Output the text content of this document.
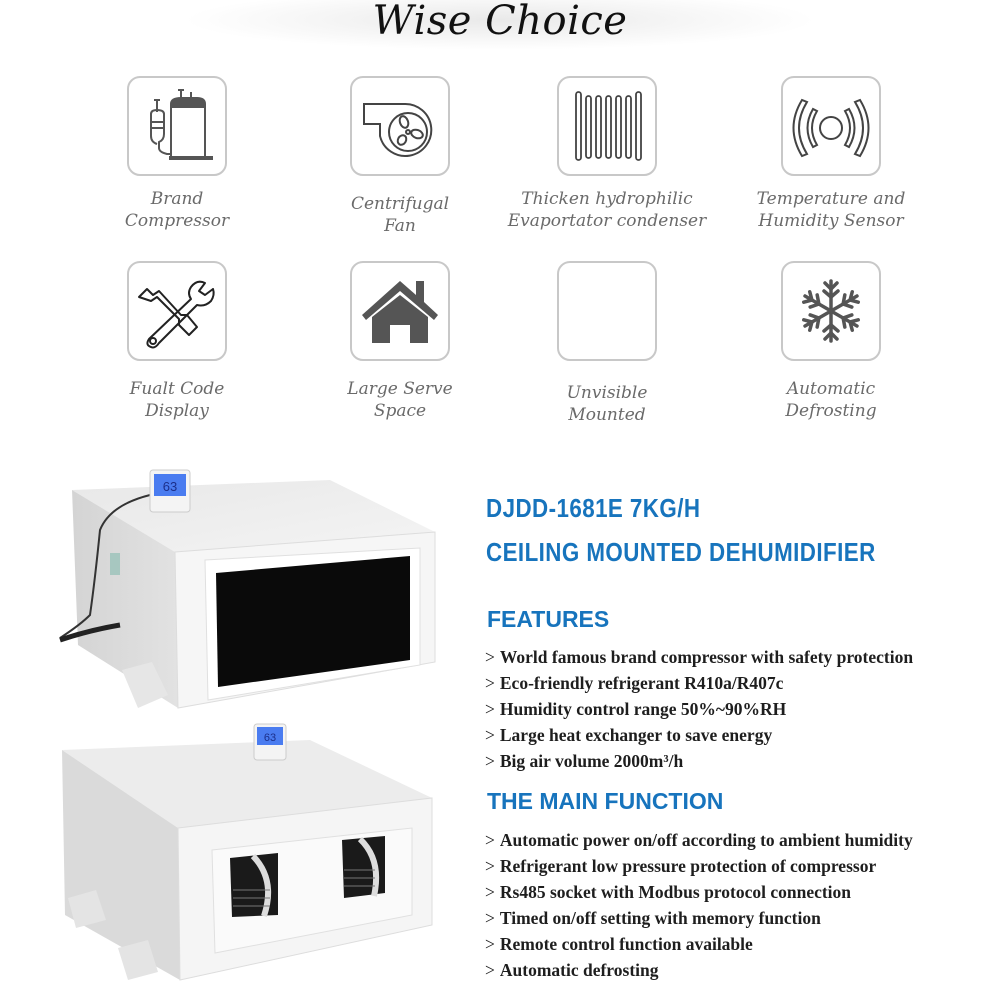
Wise Choice
Brand
Compressor
Centrifugal
Fan
Thicken hydrophilic
Evaportator condenser
Temperature and
Humidity Sensor
Fualt Code
Display
Large Serve
Space
Unvisible
Mounted
Automatic
Defrosting
63
63
DJDD-1681E 7KG/H
CEILING MOUNTED DEHUMIDIFIER
FEATURES
> World famous brand compressor with safety protection
> Eco-friendly refrigerant R410a/R407c
> Humidity control range 50%~90%RH
> Large heat exchanger to save energy
> Big air volume 2000m³/h
THE MAIN FUNCTION
> Automatic power on/off according to ambient humidity
> Refrigerant low pressure protection of compressor
> Rs485 socket with Modbus protocol connection
> Timed on/off setting with memory function
> Remote control function available
> Automatic defrosting
